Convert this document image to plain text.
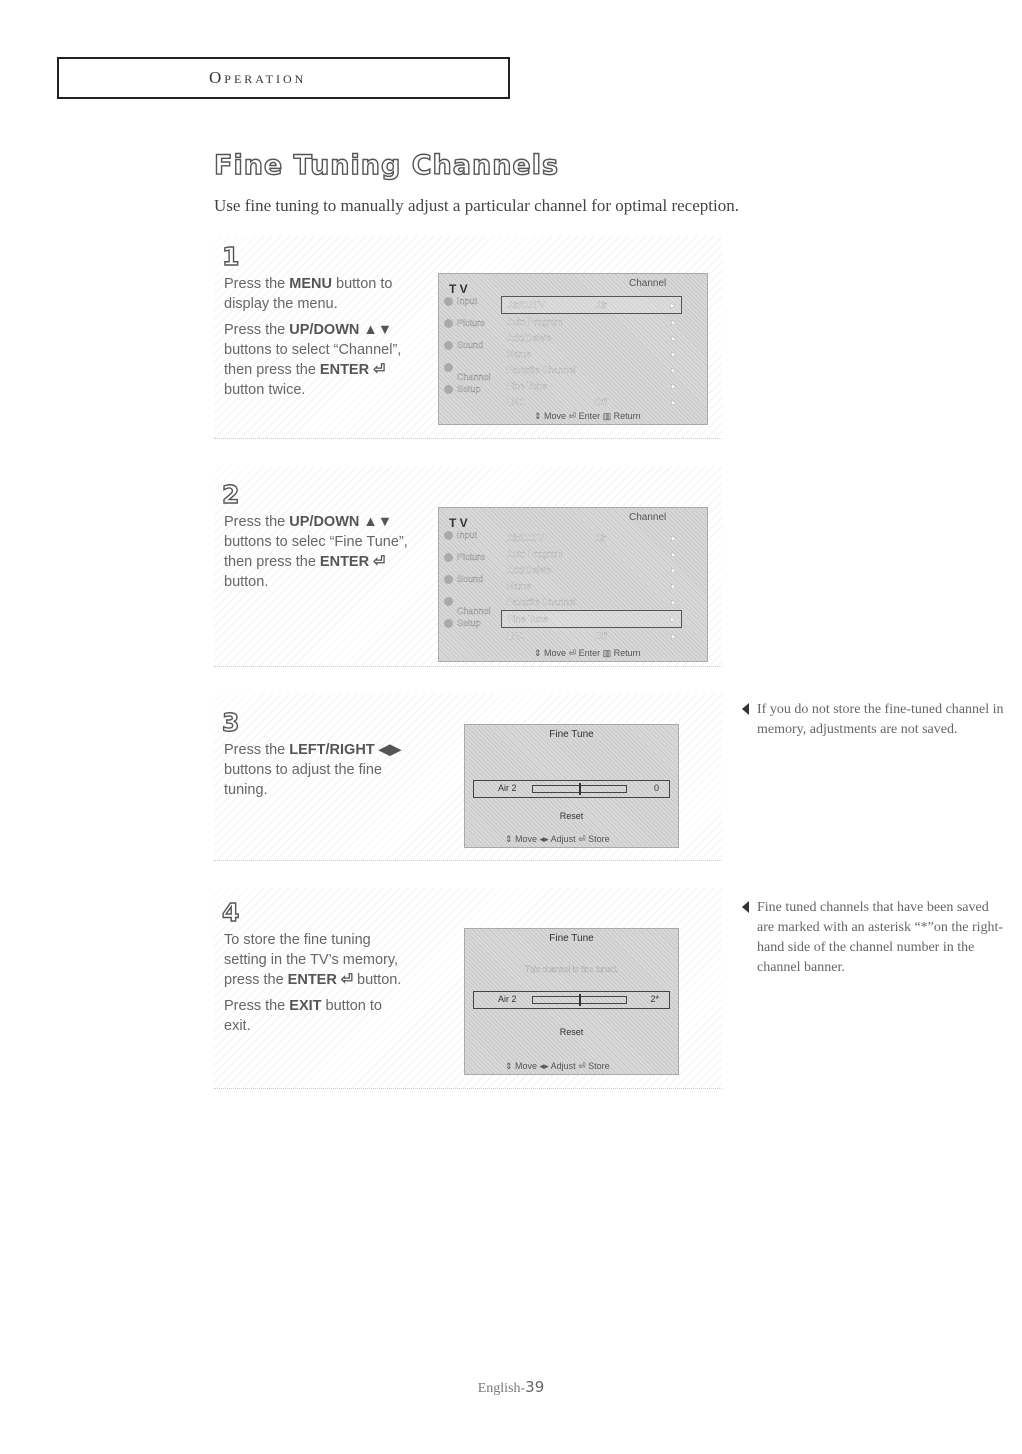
Operation
Fine Tuning Channels

Use fine tuning to manually adjust a particular channel for optimal reception.

1

Press the MENU button to display the menu.

Press the UP/DOWN ▲▼ buttons to select “Channel”, then press the ENTER ⏎ button twice.

T V	Channel
Input
Picture
Sound
Channel
Setup
Air/CATV	Air	▸
Auto Program	▸
Add/Delete	▸
Name	▸
Favorite Channel	▸
Fine Tune	▸
LNA	Off	▸
⇕ Move ⏎ Enter ▥ Return
2

Press the UP/DOWN ▲▼ buttons to selec “Fine Tune”, then press the ENTER ⏎ button.

T V	Channel
Input
Picture
Sound
Channel
Setup
Air/CATV	Air	▸
Auto Program	▸
Add/Delete	▸
Name	▸
Favorite Channel	▸
Fine Tune	▸
LNA	Off	▸
⇕ Move ⏎ Enter ▥ Return
3

Press the LEFT/RIGHT ◀▶ buttons to adjust the fine tuning.

Fine Tune
Air 2	0
Reset
⇕ Move ◂▸ Adjust ⏎ Store
4

To store the fine tuning setting in the TV’s memory, press the ENTER ⏎ button.

Press the EXIT button to exit.

Fine Tune
This channel is fine tuned.
Air 2	2*
Reset
⇕ Move ◂▸ Adjust ⏎ Store
If you do not store the fine-tuned channel in memory, adjustments are not saved.
Fine tuned channels that have been saved are marked with an asterisk “*”on the right-hand side of the channel number in the channel banner.
English-39
